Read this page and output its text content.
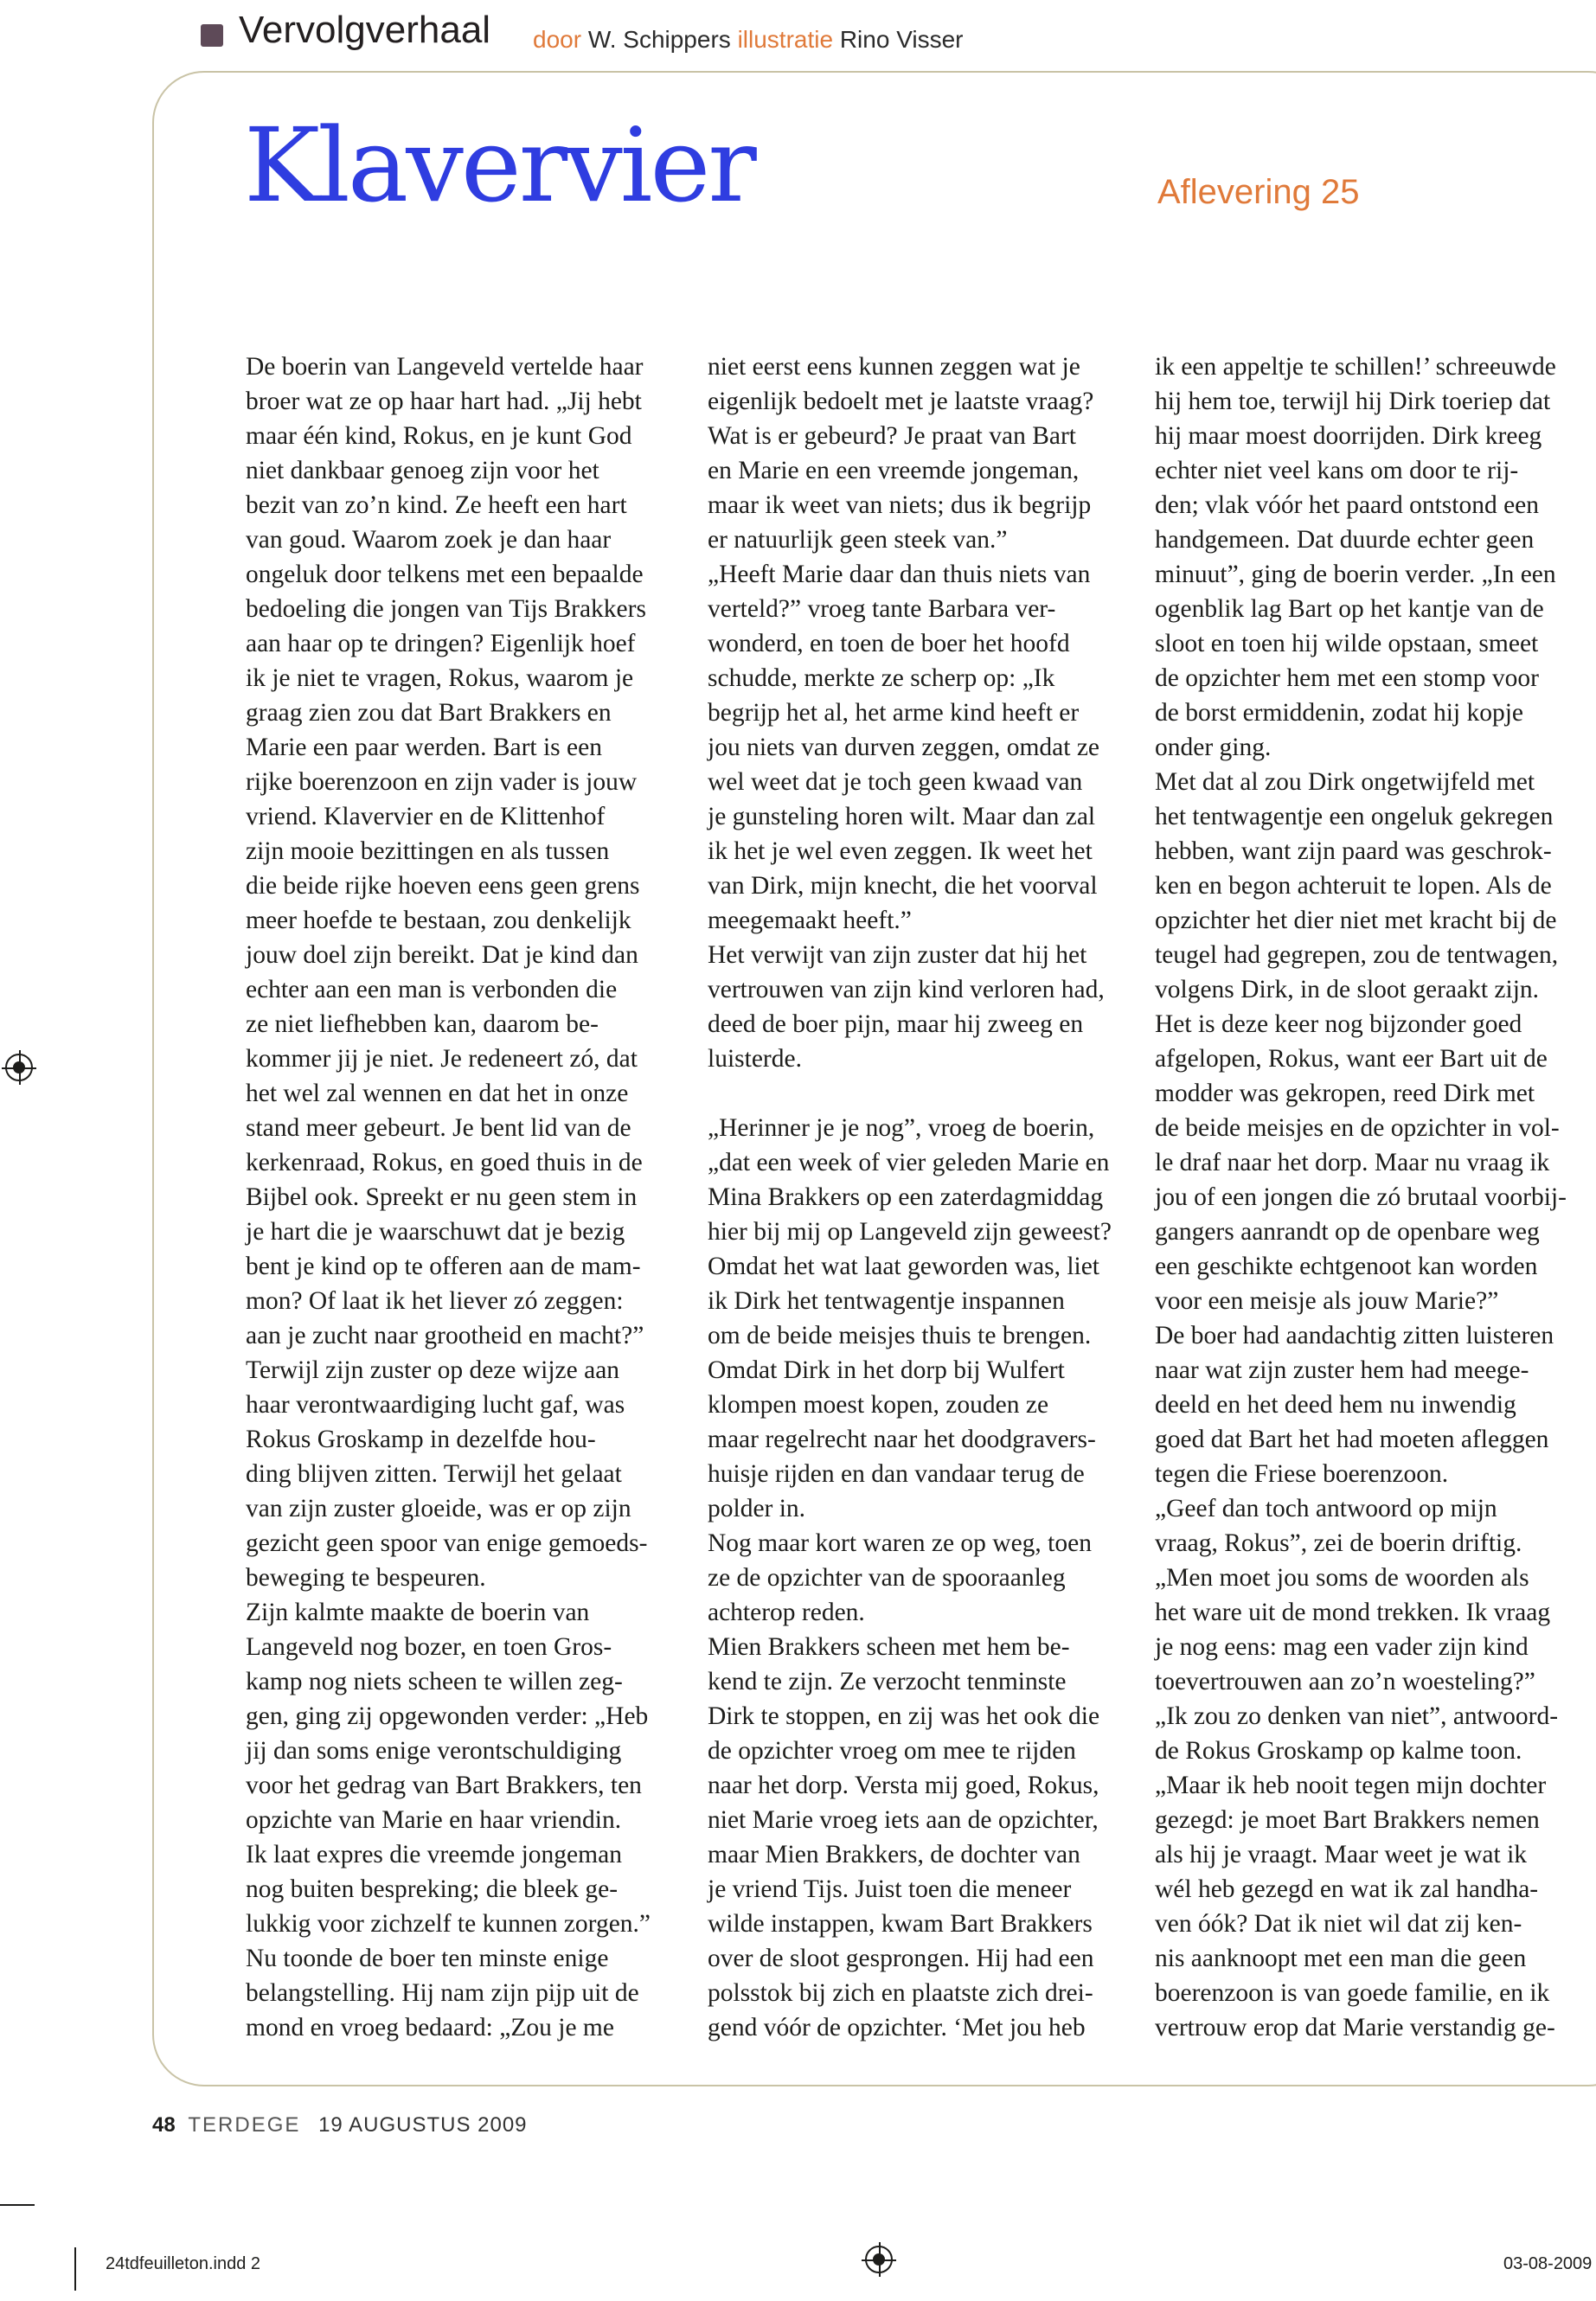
Vervolgverhaal door W. Schippers illustratie Rino Visser
Klavervier	Aflevering 25

De boerin van Langeveld vertelde haar

broer wat ze op haar hart had. „Jij hebt

maar één kind, Rokus, en je kunt God

niet dankbaar genoeg zijn voor het

bezit van zo’n kind. Ze heeft een hart

van goud. Waarom zoek je dan haar

ongeluk door telkens met een bepaalde

bedoeling die jongen van Tijs Brakkers

aan haar op te dringen? Eigenlijk hoef

ik je niet te vragen, Rokus, waarom je

graag zien zou dat Bart Brakkers en

Marie een paar werden. Bart is een

rijke boerenzoon en zijn vader is jouw

vriend. Klavervier en de Klittenhof

zijn mooie bezittingen en als tussen

die beide rijke hoeven eens geen grens

meer hoefde te bestaan, zou denkelijk

jouw doel zijn bereikt. Dat je kind dan

echter aan een man is verbonden die

ze niet liefhebben kan, daarom be-

kommer jij je niet. Je redeneert zó, dat

het wel zal wennen en dat het in onze

stand meer gebeurt. Je bent lid van de

kerkenraad, Rokus, en goed thuis in de

Bijbel ook. Spreekt er nu geen stem in

je hart die je waarschuwt dat je bezig

bent je kind op te offeren aan de mam-

mon? Of laat ik het liever zó zeggen:

aan je zucht naar grootheid en macht?”

Terwijl zijn zuster op deze wijze aan

haar verontwaardiging lucht gaf, was

Rokus Groskamp in dezelfde hou-

ding blijven zitten. Terwijl het gelaat

van zijn zuster gloeide, was er op zijn

gezicht geen spoor van enige gemoeds-

beweging te bespeuren.

Zijn kalmte maakte de boerin van

Langeveld nog bozer, en toen Gros-

kamp nog niets scheen te willen zeg-

gen, ging zij opgewonden verder: „Heb

jij dan soms enige verontschuldiging

voor het gedrag van Bart Brakkers, ten

opzichte van Marie en haar vriendin.

Ik laat expres die vreemde jongeman

nog buiten bespreking; die bleek ge-

lukkig voor zichzelf te kunnen zorgen.”

Nu toonde de boer ten minste enige

belangstelling. Hij nam zijn pijp uit de

mond en vroeg bedaard: „Zou je me

niet eerst eens kunnen zeggen wat je

eigenlijk bedoelt met je laatste vraag?

Wat is er gebeurd? Je praat van Bart

en Marie en een vreemde jongeman,

maar ik weet van niets; dus ik begrijp

er natuurlijk geen steek van.”

„Heeft Marie daar dan thuis niets van

verteld?” vroeg tante Barbara ver-

wonderd, en toen de boer het hoofd

schudde, merkte ze scherp op: „Ik

begrijp het al, het arme kind heeft er

jou niets van durven zeggen, omdat ze

wel weet dat je toch geen kwaad van

je gunsteling horen wilt. Maar dan zal

ik het je wel even zeggen. Ik weet het

van Dirk, mijn knecht, die het voorval

meegemaakt heeft.”

Het verwijt van zijn zuster dat hij het

vertrouwen van zijn kind verloren had,

deed de boer pijn, maar hij zweeg en

luisterde.

„Herinner je je nog”, vroeg de boerin,

„dat een week of vier geleden Marie en

Mina Brakkers op een zaterdagmiddag

hier bij mij op Langeveld zijn geweest?

Omdat het wat laat geworden was, liet

ik Dirk het tentwagentje inspannen

om de beide meisjes thuis te brengen.

Omdat Dirk in het dorp bij Wulfert

klompen moest kopen, zouden ze

maar regelrecht naar het doodgravers-

huisje rijden en dan vandaar terug de

polder in.

Nog maar kort waren ze op weg, toen

ze de opzichter van de spooraanleg

achterop reden.

Mien Brakkers scheen met hem be-

kend te zijn. Ze verzocht tenminste

Dirk te stoppen, en zij was het ook die

de opzichter vroeg om mee te rijden

naar het dorp. Versta mij goed, Rokus,

niet Marie vroeg iets aan de opzichter,

maar Mien Brakkers, de dochter van

je vriend Tijs. Juist toen die meneer

wilde instappen, kwam Bart Brakkers

over de sloot gesprongen. Hij had een

polsstok bij zich en plaatste zich drei-

gend vóór de opzichter. ‘Met jou heb

ik een appeltje te schillen!’ schreeuwde

hij hem toe, terwijl hij Dirk toeriep dat

hij maar moest doorrijden. Dirk kreeg

echter niet veel kans om door te rij-

den; vlak vóór het paard ontstond een

handgemeen. Dat duurde echter geen

minuut”, ging de boerin verder. „In een

ogenblik lag Bart op het kantje van de

sloot en toen hij wilde opstaan, smeet

de opzichter hem met een stomp voor

de borst ermiddenin, zodat hij kopje

onder ging.

Met dat al zou Dirk ongetwijfeld met

het tentwagentje een ongeluk gekregen

hebben, want zijn paard was geschrok-

ken en begon achteruit te lopen. Als de

opzichter het dier niet met kracht bij de

teugel had gegrepen, zou de tentwagen,

volgens Dirk, in de sloot geraakt zijn.

Het is deze keer nog bijzonder goed

afgelopen, Rokus, want eer Bart uit de

modder was gekropen, reed Dirk met

de beide meisjes en de opzichter in vol-

le draf naar het dorp. Maar nu vraag ik

jou of een jongen die zó brutaal voorbij-

gangers aanrandt op de openbare weg

een geschikte echtgenoot kan worden

voor een meisje als jouw Marie?”

De boer had aandachtig zitten luisteren

naar wat zijn zuster hem had meege-

deeld en het deed hem nu inwendig

goed dat Bart het had moeten afleggen

tegen die Friese boerenzoon.

„Geef dan toch antwoord op mijn

vraag, Rokus”, zei de boerin driftig.

„Men moet jou soms de woorden als

het ware uit de mond trekken. Ik vraag

je nog eens: mag een vader zijn kind

toevertrouwen aan zo’n woesteling?”

„Ik zou zo denken van niet”, antwoord-

de Rokus Groskamp op kalme toon.

„Maar ik heb nooit tegen mijn dochter

gezegd: je moet Bart Brakkers nemen

als hij je vraagt. Maar weet je wat ik

wél heb gezegd en wat ik zal handha-

ven óók? Dat ik niet wil dat zij ken-

nis aanknoopt met een man die geen

boerenzoon is van goede familie, en ik

vertrouw erop dat Marie verstandig ge-

48 TERDEGE 19 AUGUSTUS 2009
24tdfeuilleton.indd 2	03-08-2009
